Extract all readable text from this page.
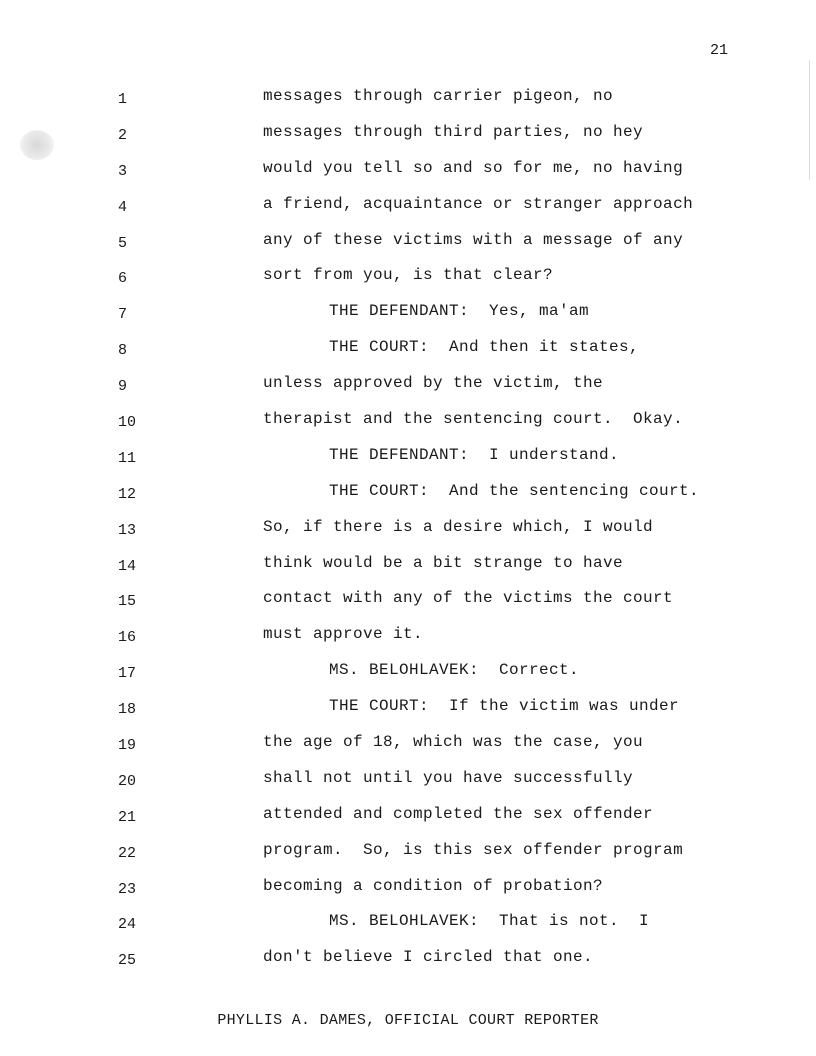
21
1
2
3
4
5
6
7
8
9
10
11
12
13
14
15
16
17
18
19
20
21
22
23
24
25
messages through carrier pigeon, no
messages through third parties, no hey
would you tell so and so for me, no having
a friend, acquaintance or stranger approach
any of these victims with a message of any
sort from you, is that clear?
THE DEFENDANT:  Yes, ma'am
THE COURT:  And then it states,
unless approved by the victim, the
therapist and the sentencing court.  Okay.
THE DEFENDANT:  I understand.
THE COURT:  And the sentencing court.
So, if there is a desire which, I would
think would be a bit strange to have
contact with any of the victims the court
must approve it.
MS. BELOHLAVEK:  Correct.
THE COURT:  If the victim was under
the age of 18, which was the case, you
shall not until you have successfully
attended and completed the sex offender
program.  So, is this sex offender program
becoming a condition of probation?
MS. BELOHLAVEK:  That is not.  I
don't believe I circled that one.
PHYLLIS A. DAMES, OFFICIAL COURT REPORTER
